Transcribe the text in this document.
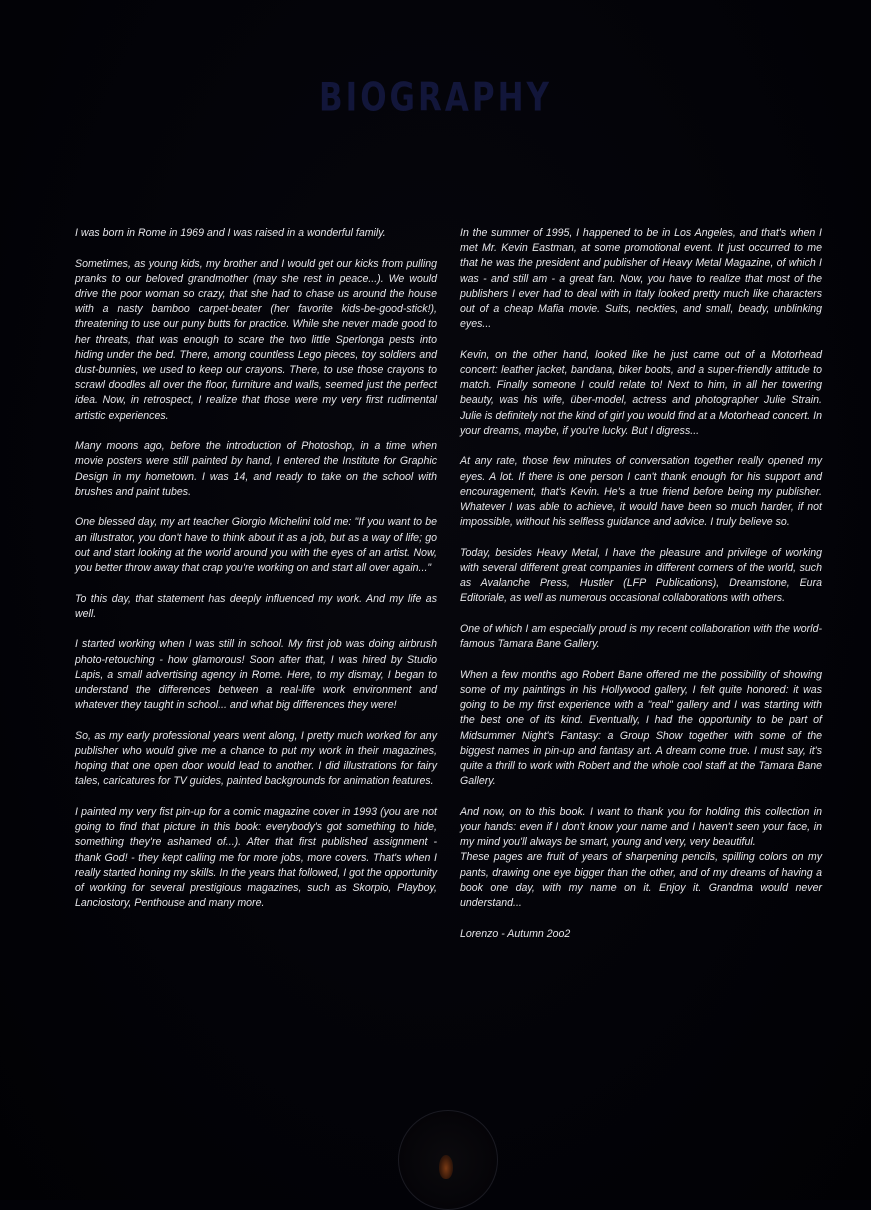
BIOGRAPHY

I was born in Rome in 1969 and I was raised in a wonderful family.

Sometimes, as young kids, my brother and I would get our kicks from pulling pranks to our beloved grandmother (may she rest in peace...). We would drive the poor woman so crazy, that she had to chase us around the house with a nasty bamboo carpet-beater (her favorite kids-be-good-stick!), threatening to use our puny butts for practice. While she never made good to her threats, that was enough to scare the two little Sperlonga pests into hiding under the bed. There, among countless Lego pieces, toy soldiers and dust-bunnies, we used to keep our crayons. There, to use those crayons to scrawl doodles all over the floor, furniture and walls, seemed just the perfect idea. Now, in retrospect, I realize that those were my very first rudimental artistic experiences.

Many moons ago, before the introduction of Photoshop, in a time when movie posters were still painted by hand, I entered the Institute for Graphic Design in my hometown. I was 14, and ready to take on the school with brushes and paint tubes.

One blessed day, my art teacher Giorgio Michelini told me: "If you want to be an illustrator, you don't have to think about it as a job, but as a way of life; go out and start looking at the world around you with the eyes of an artist. Now, you better throw away that crap you're working on and start all over again..."

To this day, that statement has deeply influenced my work. And my life as well.

I started working when I was still in school. My first job was doing airbrush photo-retouching - how glamorous! Soon after that, I was hired by Studio Lapis, a small advertising agency in Rome. Here, to my dismay, I began to understand the differences between a real-life work environment and whatever they taught in school... and what big differences they were!

So, as my early professional years went along, I pretty much worked for any publisher who would give me a chance to put my work in their magazines, hoping that one open door would lead to another. I did illustrations for fairy tales, caricatures for TV guides, painted backgrounds for animation features.

I painted my very fist pin-up for a comic magazine cover in 1993 (you are not going to find that picture in this book: everybody's got something to hide, something they're ashamed of...). After that first published assignment - thank God! - they kept calling me for more jobs, more covers. That's when I really started honing my skills. In the years that followed, I got the opportunity of working for several prestigious magazines, such as Skorpio, Playboy, Lanciostory, Penthouse and many more.

In the summer of 1995, I happened to be in Los Angeles, and that's when I met Mr. Kevin Eastman, at some promotional event. It just occurred to me that he was the president and publisher of Heavy Metal Magazine, of which I was - and still am - a great fan. Now, you have to realize that most of the publishers I ever had to deal with in Italy looked pretty much like characters out of a cheap Mafia movie. Suits, neckties, and small, beady, unblinking eyes...

Kevin, on the other hand, looked like he just came out of a Motorhead concert: leather jacket, bandana, biker boots, and a super-friendly attitude to match. Finally someone I could relate to! Next to him, in all her towering beauty, was his wife, über-model, actress and photographer Julie Strain. Julie is definitely not the kind of girl you would find at a Motorhead concert. In your dreams, maybe, if you're lucky. But I digress...

At any rate, those few minutes of conversation together really opened my eyes. A lot. If there is one person I can't thank enough for his support and encouragement, that's Kevin. He's a true friend before being my publisher. Whatever I was able to achieve, it would have been so much harder, if not impossible, without his selfless guidance and advice. I truly believe so.

Today, besides Heavy Metal, I have the pleasure and privilege of working with several different great companies in different corners of the world, such as Avalanche Press, Hustler (LFP Publications), Dreamstone, Eura Editoriale, as well as numerous occasional collaborations with others.

One of which I am especially proud is my recent collaboration with the world-famous Tamara Bane Gallery.

When a few months ago Robert Bane offered me the possibility of showing some of my paintings in his Hollywood gallery, I felt quite honored: it was going to be my first experience with a "real" gallery and I was starting with the best one of its kind. Eventually, I had the opportunity to be part of Midsummer Night's Fantasy: a Group Show together with some of the biggest names in pin-up and fantasy art. A dream come true. I must say, it's quite a thrill to work with Robert and the whole cool staff at the Tamara Bane Gallery.

And now, on to this book. I want to thank you for holding this collection in your hands: even if I don't know your name and I haven't seen your face, in my mind you'll always be smart, young and very, very beautiful.

These pages are fruit of years of sharpening pencils, spilling colors on my pants, drawing one eye bigger than the other, and of my dreams of having a book one day, with my name on it. Enjoy it. Grandma would never understand...

Lorenzo - Autumn 2oo2
